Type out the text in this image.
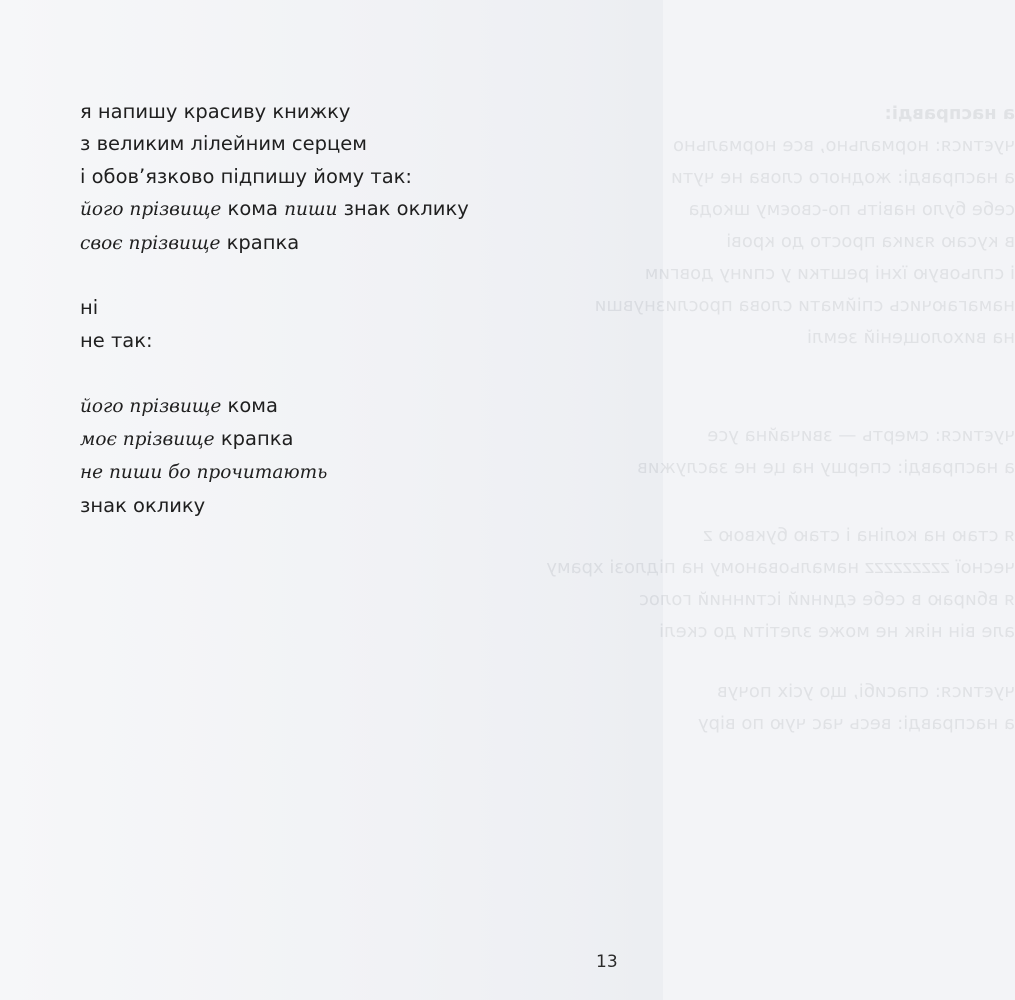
а насправді:
чуєтися: нормально, все нормально
а насправді: жодного слова не чути
себе було навіть по-своєму шкода
в кусаю язика просто до крові
і спльовую їхні рештки у спину довгим
намагаючись спіймати слова прослизнувши
на вихолощеній землі
чуєтися: смерть — звичайна усе
а насправді: спершу на це не заслужив
я стаю на коліна і стаю буквою z
чесної zzzzzzzzz намальованому на підлозі храму
я вбираю в себе єдиний істинний голос
але він ніяк не може злетіти до скелі
чуєтися: спасибі, що усіх почув
а насправді: весь час чую по віру
я напишу красиву книжку
з великим лілейним серцем
і обов’язково підпишу йому так:
його прізвище кома пиши знак оклику
своє прізвище крапка
ні
не так:
його прізвище кома
моє прізвище крапка
не пиши бо прочитають
знак оклику
13
